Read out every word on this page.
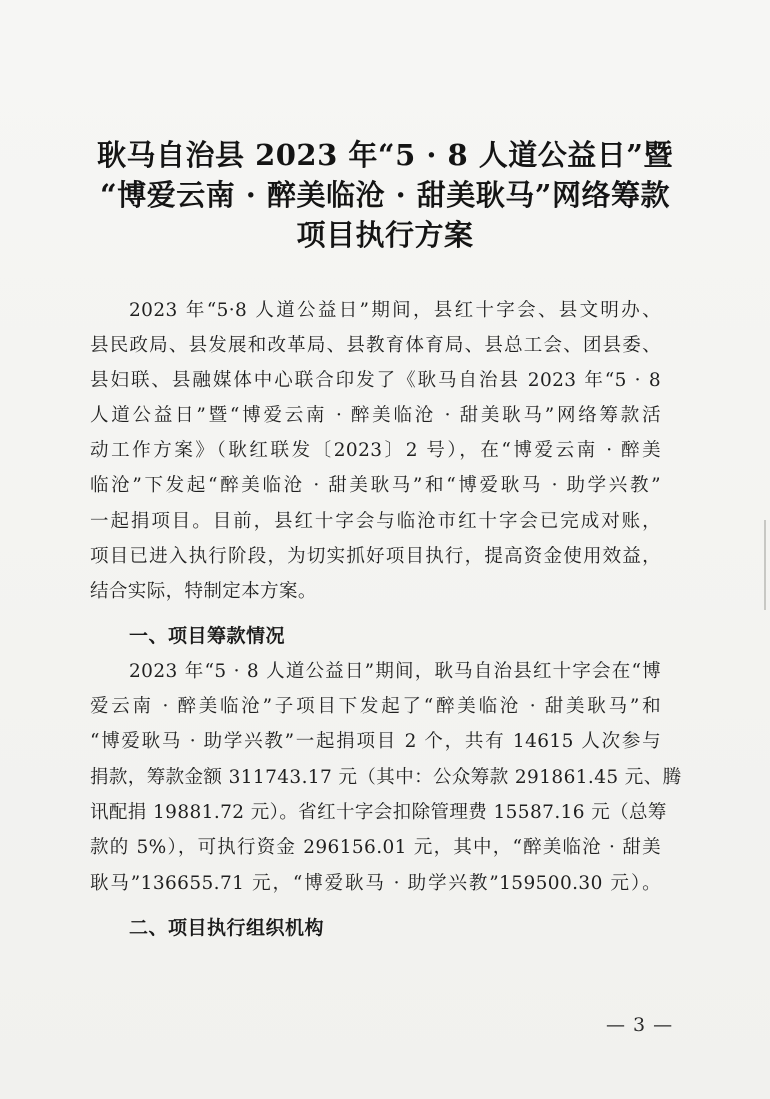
耿马自治县 2023 年“5 · 8 人道公益日”暨
“博爱云南 · 醉美临沧 · 甜美耿马”网络筹款
项目执行方案
2023 年“5·8 人道公益日”期间，县红十字会、县文明办、
县民政局、县发展和改革局、县教育体育局、县总工会、团县委、
县妇联、县融媒体中心联合印发了《耿马自治县 2023 年“5 · 8
人道公益日”暨“博爱云南 · 醉美临沧 · 甜美耿马”网络筹款活
动工作方案》（耿红联发〔2023〕2 号），在“博爱云南 · 醉美
临沧”下发起“醉美临沧 · 甜美耿马”和“博爱耿马 · 助学兴教”
一起捐项目。目前，县红十字会与临沧市红十字会已完成对账，
项目已进入执行阶段，为切实抓好项目执行，提高资金使用效益，
结合实际，特制定本方案。
一、项目筹款情况
2023 年“5 · 8 人道公益日”期间，耿马自治县红十字会在“博
爱云南 · 醉美临沧”子项目下发起了“醉美临沧 · 甜美耿马”和
“博爱耿马 · 助学兴教”一起捐项目 2 个，共有 14615 人次参与
捐款，筹款金额 311743.17 元（其中：公众筹款 291861.45 元、腾
讯配捐 19881.72 元）。省红十字会扣除管理费 15587.16 元（总筹
款的 5%），可执行资金 296156.01 元，其中，“醉美临沧 · 甜美
耿马”136655.71 元，“博爱耿马 · 助学兴教”159500.30 元）。
二、项目执行组织机构
— 3 —
